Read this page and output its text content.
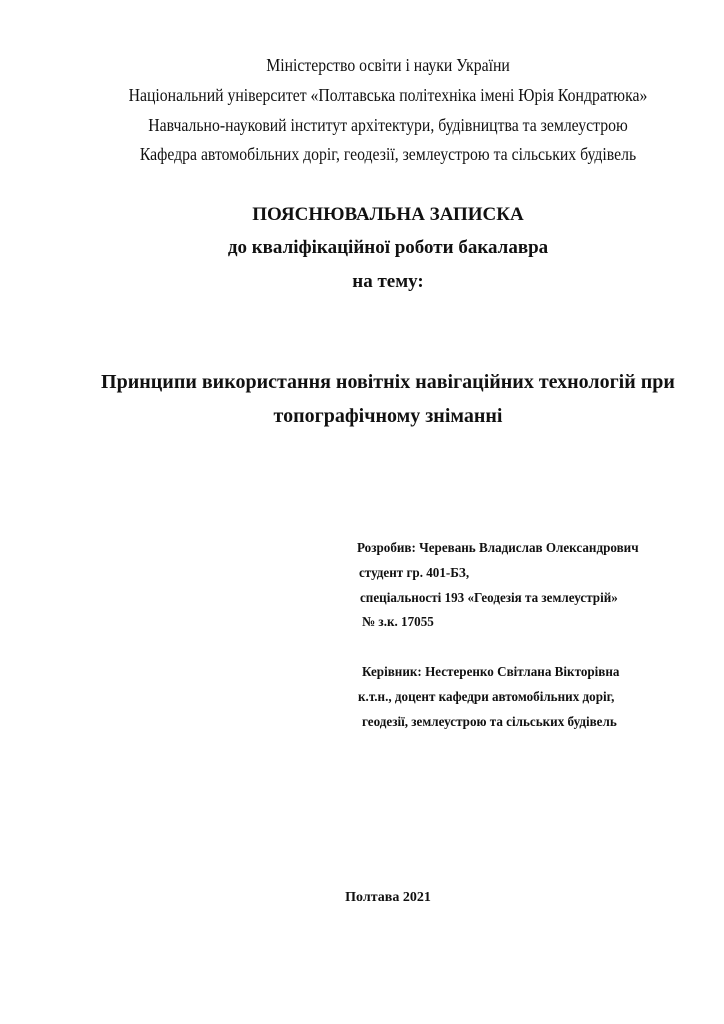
Міністерство освіти і науки України
Національний університет «Полтавська політехніка імені Юрія Кондратюка»
Навчально-науковий інститут архітектури, будівництва та землеустрою
Кафедра автомобільних доріг, геодезії, землеустрою та сільських будівель
ПОЯСНЮВАЛЬНА ЗАПИСКА
до кваліфікаційної роботи бакалавра
на тему:
Принципи використання новітніх навігаційних технологій при
топографічному зніманні
Розробив: Черевань Владислав Олександрович
студент гр. 401-БЗ,
спеціальності 193 «Геодезія та землеустрій»
№ з.к. 17055
Керівник: Нестеренко Світлана Вікторівна
к.т.н., доцент кафедри автомобільних доріг,
геодезії, землеустрою та сільських будівель
Полтава 2021
